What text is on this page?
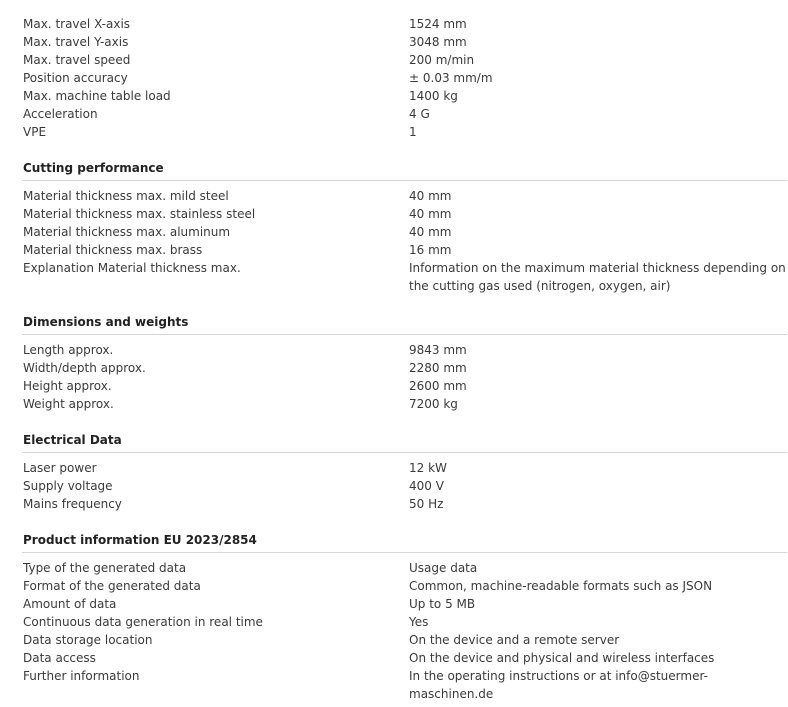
Max. travel X-axis	1524 mm
Max. travel Y-axis	3048 mm
Max. travel speed	200 m/min
Position accuracy	± 0.03 mm/m
Max. machine table load	1400 kg
Acceleration	4 G
VPE	1
Cutting performance
Material thickness max. mild steel	40 mm
Material thickness max. stainless steel	40 mm
Material thickness max. aluminum	40 mm
Material thickness max. brass	16 mm
Explanation Material thickness max.	Information on the maximum material thickness depending on the cutting gas used (nitrogen, oxygen, air)
Dimensions and weights
Length approx.	9843 mm
Width/depth approx.	2280 mm
Height approx.	2600 mm
Weight approx.	7200 kg
Electrical Data
Laser power	12 kW
Supply voltage	400 V
Mains frequency	50 Hz
Product information EU 2023/2854
Type of the generated data	Usage data
Format of the generated data	Common, machine-readable formats such as JSON
Amount of data	Up to 5 MB
Continuous data generation in real time	Yes
Data storage location	On the device and a remote server
Data access	On the device and physical and wireless interfaces
Further information	In the operating instructions or at info@stuermer-maschinen.de
